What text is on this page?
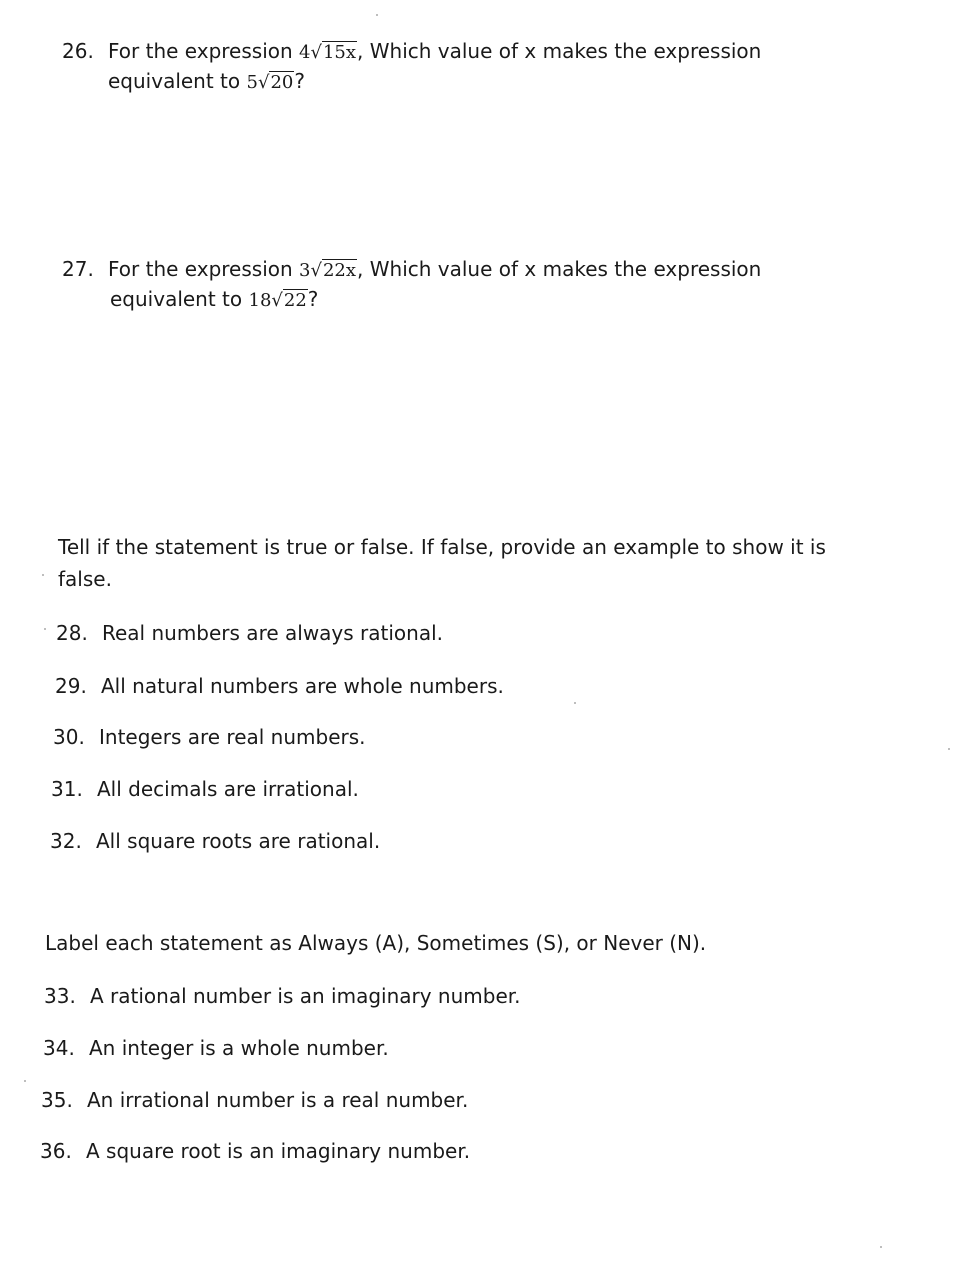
26. For the expression 4√15x, Which value of x makes the expression
equivalent to 5√20?
27. For the expression 3√22x, Which value of x makes the expression
equivalent to 18√22?
Tell if the statement is true or false. If false, provide an example to show it is
false.
28. Real numbers are always rational.
29. All natural numbers are whole numbers.
30. Integers are real numbers.
31. All decimals are irrational.
32. All square roots are rational.
Label each statement as Always (A), Sometimes (S), or Never (N).
33. A rational number is an imaginary number.
34. An integer is a whole number.
35. An irrational number is a real number.
36. A square root is an imaginary number.
